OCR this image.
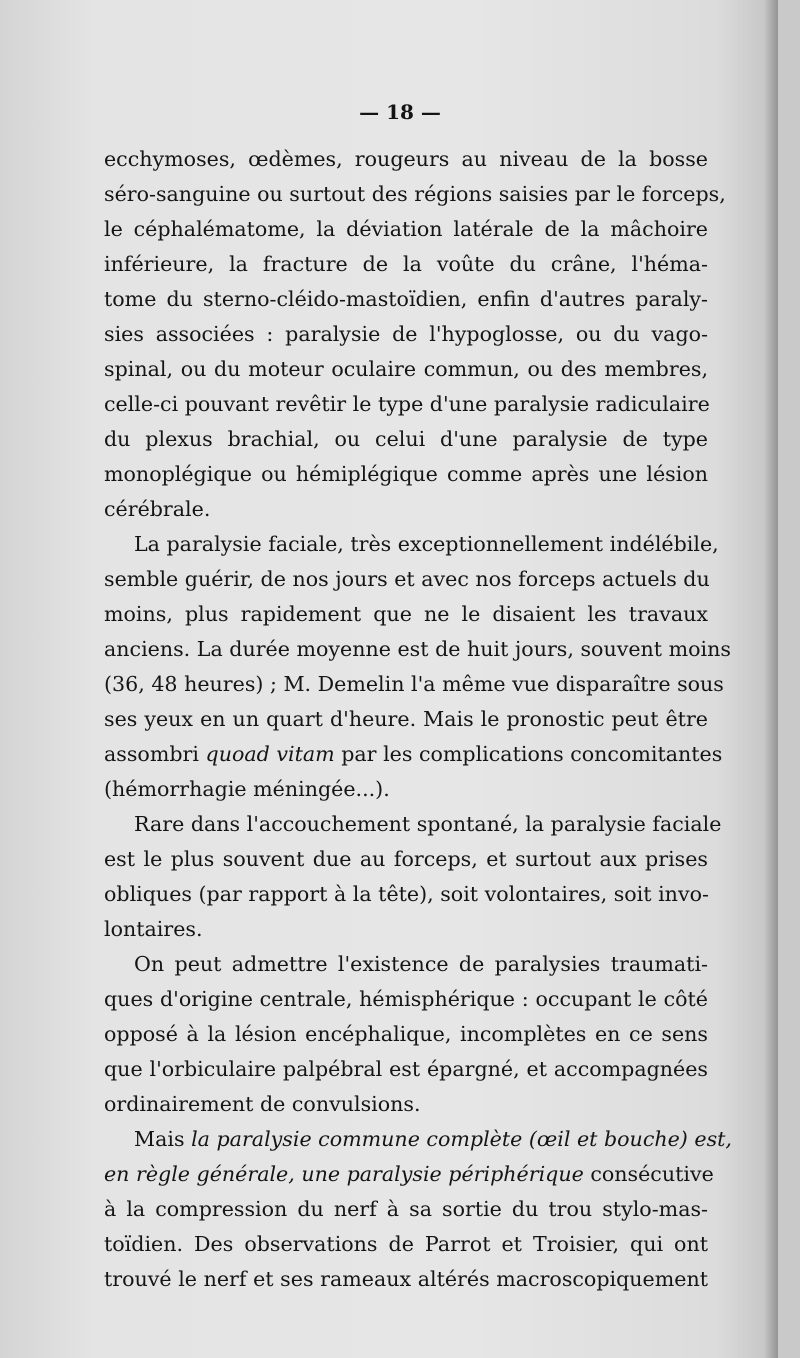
— 18 —
ecchymoses, œdèmes, rougeurs au niveau de la bosse
séro-sanguine ou surtout des régions saisies par le forceps,
le céphalématome, la déviation latérale de la mâchoire
inférieure, la fracture de la voûte du crâne, l'héma-
tome du sterno-cléido-mastoïdien, enfin d'autres paraly-
sies associées : paralysie de l'hypoglosse, ou du vago-
spinal, ou du moteur oculaire commun, ou des membres,
celle-ci pouvant revêtir le type d'une paralysie radiculaire
du plexus brachial, ou celui d'une paralysie de type
monoplégique ou hémiplégique comme après une lésion
cérébrale.
La paralysie faciale, très exceptionnellement indélébile,
semble guérir, de nos jours et avec nos forceps actuels du
moins, plus rapidement que ne le disaient les travaux
anciens. La durée moyenne est de huit jours, souvent moins
(36, 48 heures) ; M. Demelin l'a même vue disparaître sous
ses yeux en un quart d'heure. Mais le pronostic peut être
assombri quoad vitam par les complications concomitantes
(hémorrhagie méningée...).
Rare dans l'accouchement spontané, la paralysie faciale
est le plus souvent due au forceps, et surtout aux prises
obliques (par rapport à la tête), soit volontaires, soit invo-
lontaires.
On peut admettre l'existence de paralysies traumati-
ques d'origine centrale, hémisphérique : occupant le côté
opposé à la lésion encéphalique, incomplètes en ce sens
que l'orbiculaire palpébral est épargné, et accompagnées
ordinairement de convulsions.
Mais la paralysie commune complète (œil et bouche) est,
en règle générale, une paralysie périphérique consécutive
à la compression du nerf à sa sortie du trou stylo-mas-
toïdien. Des observations de Parrot et Troisier, qui ont
trouvé le nerf et ses rameaux altérés macroscopiquement
